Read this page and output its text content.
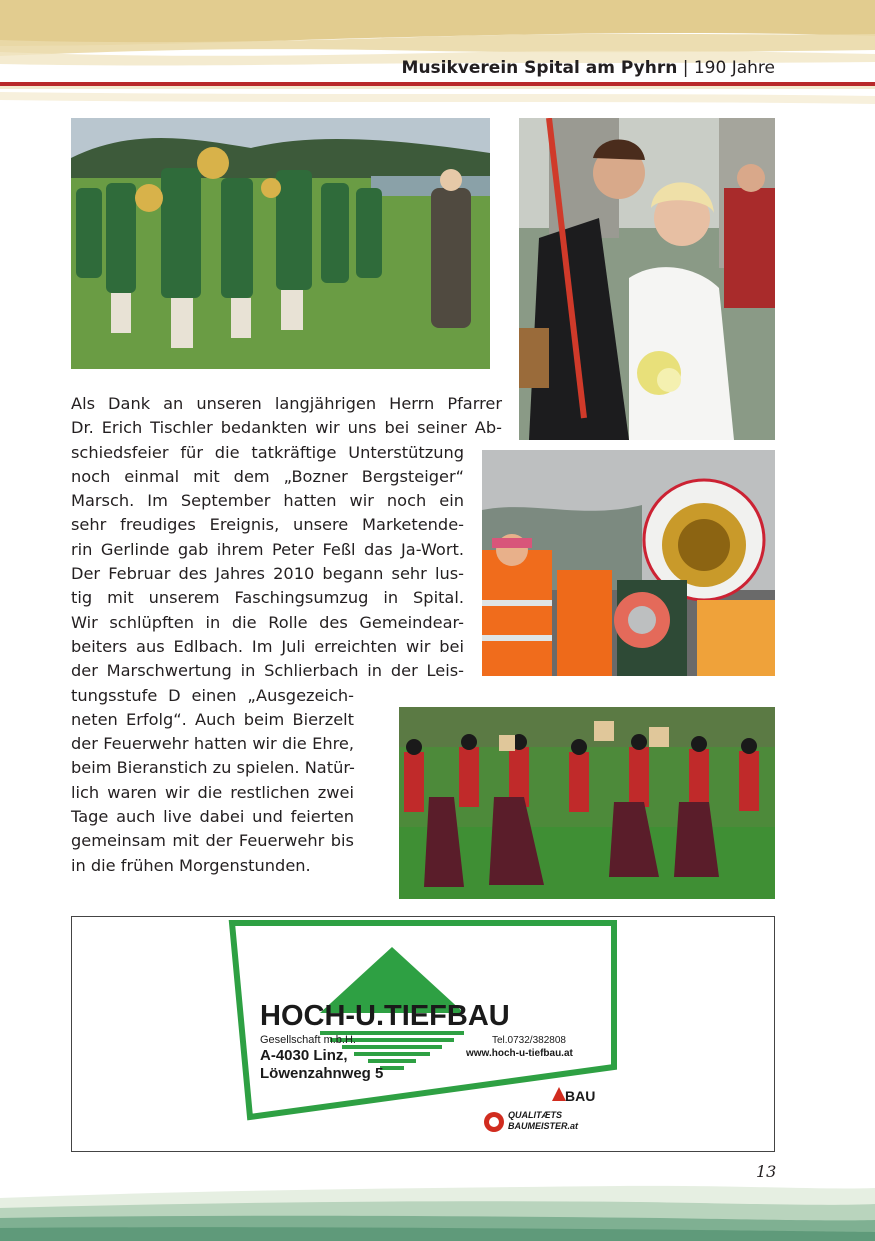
Musikverein Spital am Pyhrn | 190 Jahre
Als Dank an unseren langjährigen Herrn Pfarrer
Dr. Erich Tischler bedankten wir uns bei seiner Ab-
schiedsfeier für die tatkräftige Unterstützung
noch einmal mit dem „Bozner Bergsteiger“
Marsch. Im September hatten wir noch ein
sehr freudiges Ereignis, unsere Marketende-
rin Gerlinde gab ihrem Peter Feßl das Ja-Wort.
Der Februar des Jahres 2010 begann sehr lus-
tig mit unserem Faschingsumzug in Spital.
Wir schlüpften in die Rolle des Gemeindear-
beiters aus Edlbach. Im Juli erreichten wir bei
der Marschwertung in Schlierbach in der Leis-
tungsstufe D einen „Ausgezeich-
neten Erfolg“. Auch beim Bierzelt
der Feuerwehr hatten wir die Ehre,
beim Bieranstich zu spielen. Natür-
lich waren wir die restlichen zwei
Tage auch live dabei und feierten
gemeinsam mit der Feuerwehr bis
in die frühen Morgenstunden.
HOCH-U.TIEFBAU
Gesellschaft m.b.H.
A-4030 Linz,
Löwenzahnweg 5
Tel.0732/382808
www.hoch-u-tiefbau.at
BAU
QUALITÆTS
BAUMEISTER.at
13
